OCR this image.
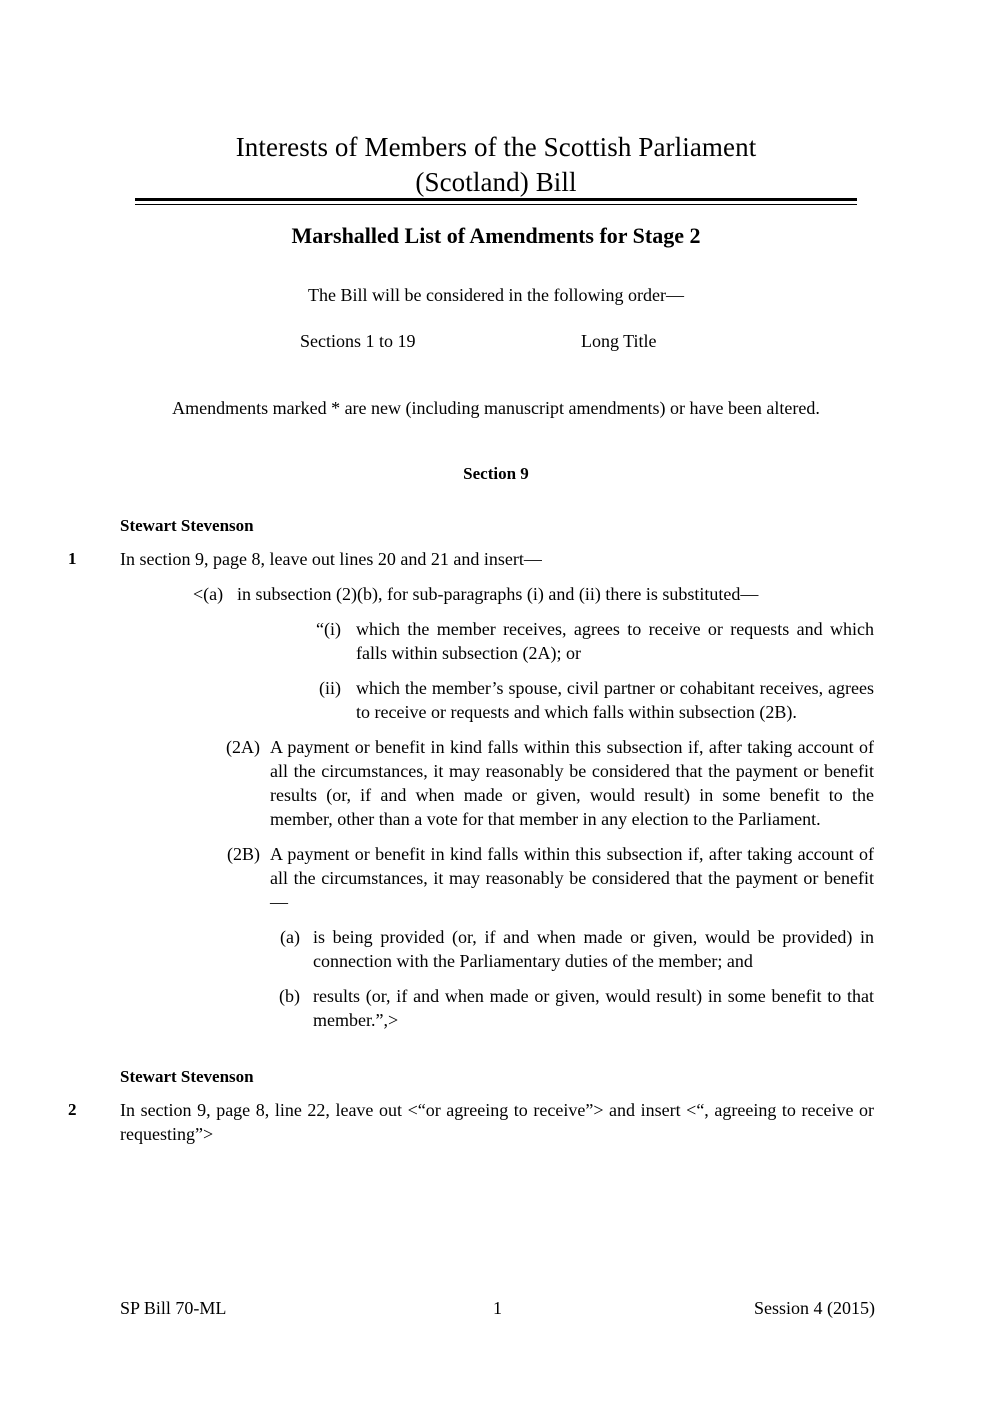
Interests of Members of the Scottish Parliament
(Scotland) Bill
Marshalled List of Amendments for Stage 2
The Bill will be considered in the following order—
Sections 1 to 19	Long Title
Amendments marked * are new (including manuscript amendments) or have been altered.
Section 9
Stewart Stevenson
1	In section 9, page 8, leave out lines 20 and 21 and insert—
<(a) in subsection (2)(b), for sub-paragraphs (i) and (ii) there is substituted—
“(i) which the member receives, agrees to receive or requests and which falls within subsection (2A); or
(ii) which the member’s spouse, civil partner or cohabitant receives, agrees to receive or requests and which falls within subsection (2B).
(2A) A payment or benefit in kind falls within this subsection if, after taking account of all the circumstances, it may reasonably be considered that the payment or benefit results (or, if and when made or given, would result) in some benefit to the member, other than a vote for that member in any election to the Parliament.
(2B) A payment or benefit in kind falls within this subsection if, after taking account of all the circumstances, it may reasonably be considered that the payment or benefit—
(a) is being provided (or, if and when made or given, would be provided) in connection with the Parliamentary duties of the member; and
(b) results (or, if and when made or given, would result) in some benefit to that member.”,>
Stewart Stevenson
2	In section 9, page 8, line 22, leave out <“or agreeing to receive”> and insert <“, agreeing to receive or requesting”>
SP Bill 70-ML	1	Session 4 (2015)
